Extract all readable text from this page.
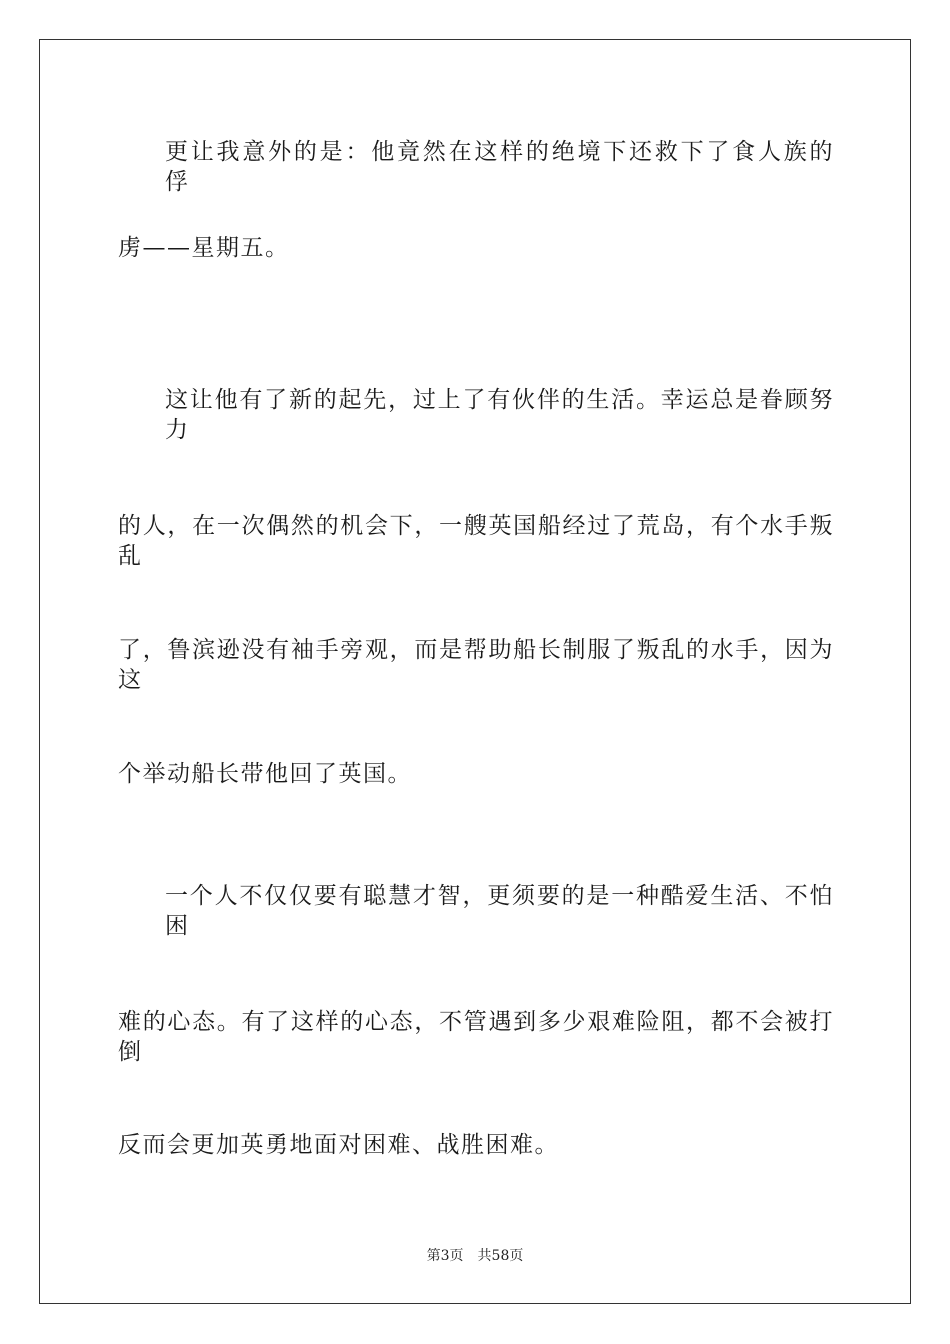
更让我意外的是：他竟然在这样的绝境下还救下了食人族的 俘
虏——星期五。
这让他有了新的起先，过上了有伙伴的生活。幸运总是眷顾努力
的人，在一次偶然的机会下，一艘英国船经过了荒岛，有个水手叛乱
了，鲁滨逊没有袖手旁观，而是帮助船长制服了叛乱的水手，因为这
个举动船长带他回了英国。
一个人不仅仅要有聪慧才智，更须要的是一种酷爱生活、不怕困
难的心态。有了这样的心态，不管遇到多少艰难险阻，都不会被打倒
反而会更加英勇地面对困难、战胜困难。
第3页 共58页
